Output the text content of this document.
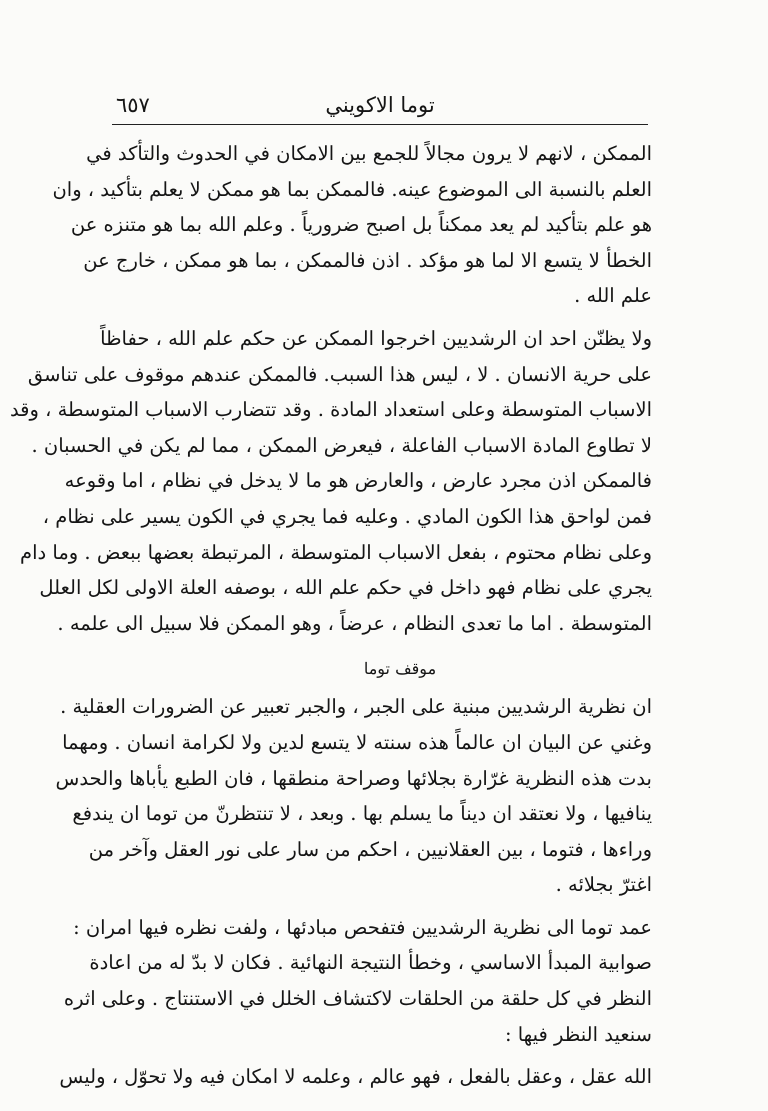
توما الاكويني
٦٥٧
الممكن ، لانهم لا يرون مجالاً للجمع بين الامكان في الحدوث والتأكد في
العلم بالنسبة الى الموضوع عينه. فالممكن بما هو ممكن لا يعلم بتأكيد ، وان
هو علم بتأكيد لم يعد ممكناً بل اصبح ضرورياً . وعلم الله بما هو متنزه عن
الخطأ لا يتسع الا لما هو مؤكد . اذن فالممكن ، بما هو ممكن ، خارج عن
علم الله .
ولا يظنّن احد ان الرشديين اخرجوا الممكن عن حكم علم الله ، حفاظاً
على حرية الانسان . لا ، ليس هذا السبب. فالممكن عندهم موقوف على تناسق
الاسباب المتوسطة وعلى استعداد المادة . وقد تتضارب الاسباب المتوسطة ، وقد
لا تطاوع المادة الاسباب الفاعلة ، فيعرض الممكن ، مما لم يكن في الحسبان .
فالممكن اذن مجرد عارض ، والعارض هو ما لا يدخل في نظام ، اما وقوعه
فمن لواحق هذا الكون المادي . وعليه فما يجري في الكون يسير على نظام ،
وعلى نظام محتوم ، بفعل الاسباب المتوسطة ، المرتبطة بعضها ببعض . وما دام
يجري على نظام فهو داخل في حكم علم الله ، بوصفه العلة الاولى لكل العلل
المتوسطة . اما ما تعدى النظام ، عرضاً ، وهو الممكن فلا سبيل الى علمه .
موقف توما
ان نظرية الرشديين مبنية على الجبر ، والجبر تعبير عن الضرورات العقلية .
وغني عن البيان ان عالماً هذه سنته لا يتسع لدين ولا لكرامة انسان . ومهما
بدت هذه النظرية غرّارة بجلائها وصراحة منطقها ، فان الطبع يأباها والحدس
ينافيها ، ولا نعتقد ان ديناً ما يسلم بها . وبعد ، لا تنتظرنّ من توما ان يندفع
وراءها ، فتوما ، بين العقلانيين ، احكم من سار على نور العقل وآخر من
اغترّ بجلائه .
عمد توما الى نظرية الرشديين فتفحص مبادئها ، ولفت نظره فيها امران :
صوابية المبدأ الاساسي ، وخطأ النتيجة النهائية . فكان لا بدّ له من اعادة
النظر في كل حلقة من الحلقات لاكتشاف الخلل في الاستنتاج . وعلى اثره
سنعيد النظر فيها :
الله عقل ، وعقل بالفعل ، فهو عالم ، وعلمه لا امكان فيه ولا تحوّل ، وليس
